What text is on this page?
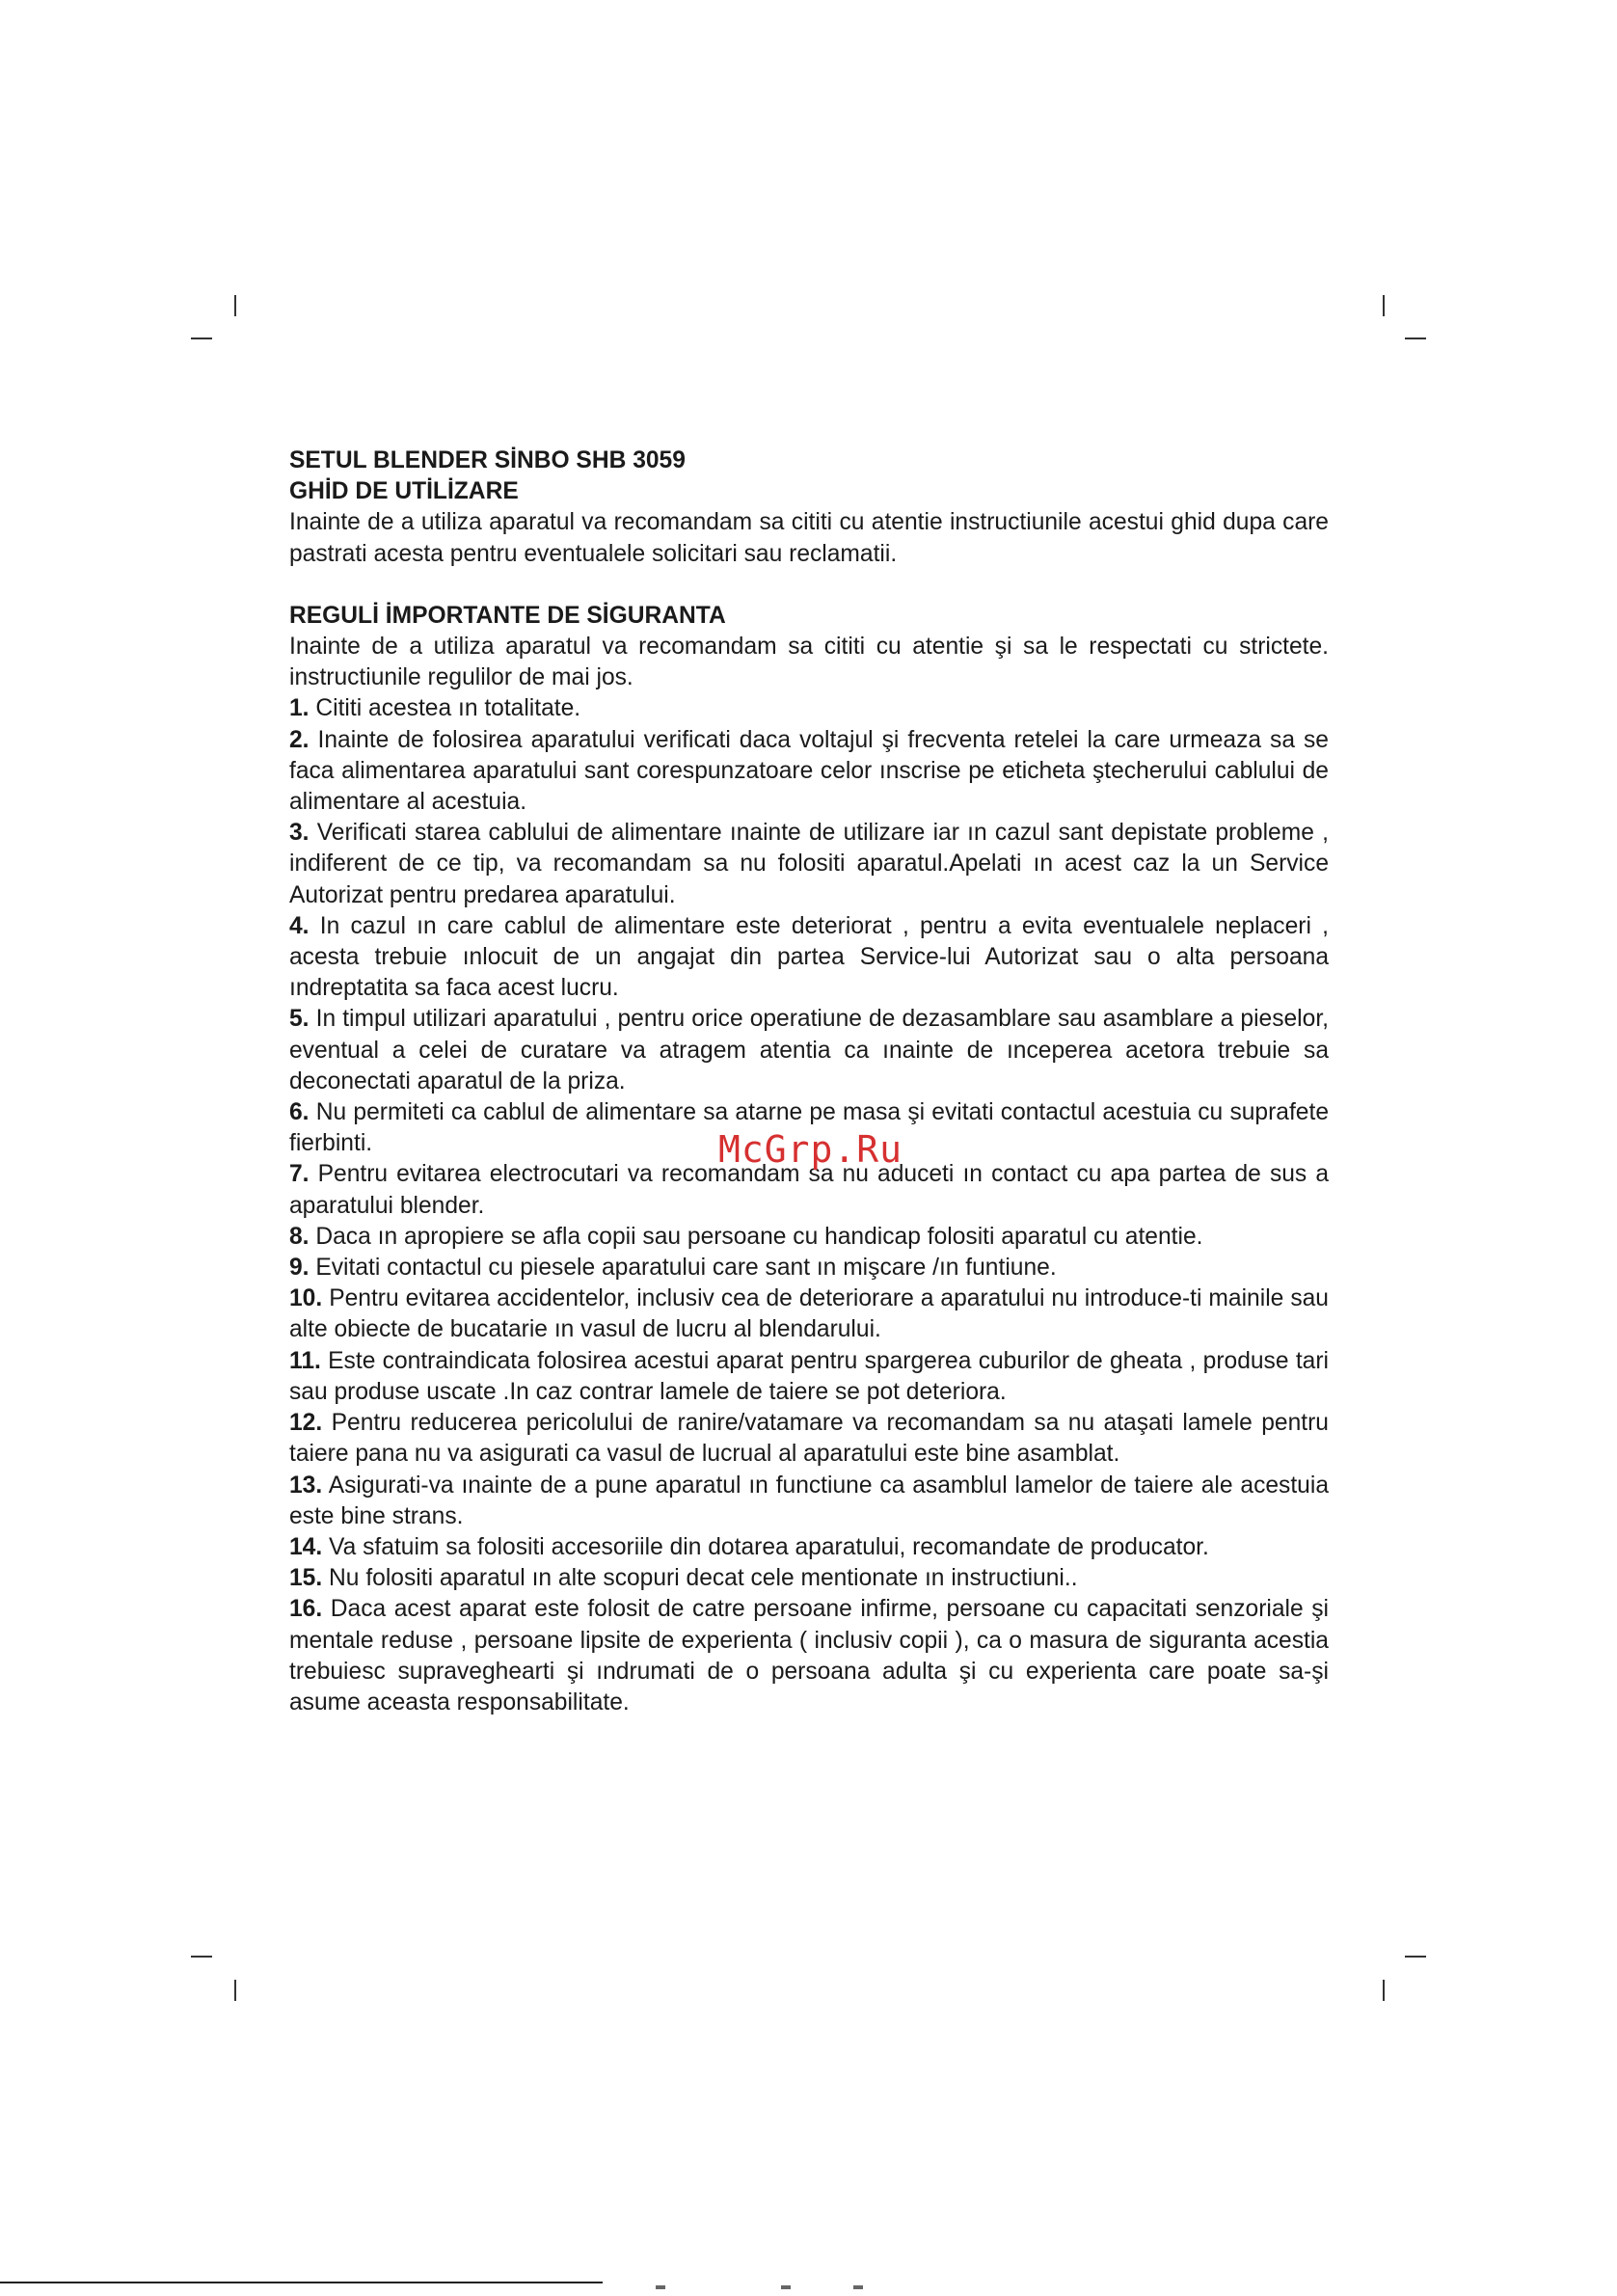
SETUL BLENDER SİNBO SHB 3059

GHİD DE UTİLİZARE

Inainte de a utiliza aparatul va recomandam sa cititi cu atentie instructiunile acestui ghid dupa care pastrati acesta pentru eventualele solicitari sau reclamatii.

REGULİ İMPORTANTE DE SİGURANTA

Inainte de a utiliza aparatul va recomandam sa cititi cu atentie şi sa le respectati cu strictete. instructiunile regulilor de mai jos.

1. Cititi acestea ın totalitate.

2. Inainte de folosirea aparatului verificati daca voltajul şi frecventa retelei la care urmeaza sa se faca alimentarea aparatului sant corespunzatoare celor ınscrise pe eticheta ştecherului cablului de alimentare al acestuia.

3. Verificati starea cablului de alimentare ınainte de utilizare iar ın cazul sant depistate probleme , indiferent de ce tip, va recomandam sa nu folositi aparatul.Apelati ın acest caz la un Service Autorizat pentru predarea aparatului.

4. In cazul ın care cablul de alimentare este deteriorat , pentru a evita eventualele neplaceri , acesta trebuie ınlocuit de un angajat din partea Service-lui Autorizat sau o alta persoana ındreptatita sa faca acest lucru.

5. In timpul utilizari aparatului , pentru orice operatiune de dezasamblare sau asamblare a pieselor, eventual a celei de curatare va atragem atentia ca ınainte de ınceperea acetora trebuie sa deconectati aparatul de la priza.

6. Nu permiteti ca cablul de alimentare sa atarne pe masa şi evitati contactul acestuia cu suprafete fierbinti.

7. Pentru evitarea electrocutari va recomandam sa nu aduceti ın contact cu apa partea de sus a aparatului blender.

8. Daca ın apropiere se afla copii sau persoane cu handicap folositi aparatul cu atentie.

9. Evitati contactul cu piesele aparatului care sant ın mişcare /ın funtiune.

10. Pentru evitarea accidentelor, inclusiv cea de deteriorare a aparatului nu introduce-ti mainile sau alte obiecte de bucatarie ın vasul de lucru al blendarului.

11. Este contraindicata folosirea acestui aparat pentru spargerea cuburilor de gheata , produse tari sau produse uscate .In caz contrar lamele de taiere se pot deteriora.

12. Pentru reducerea pericolului de ranire/vatamare va recomandam sa nu ataşati lamele pentru taiere pana nu va asigurati ca vasul de lucrual al aparatului este bine asamblat.

13. Asigurati-va ınainte de a pune aparatul ın functiune ca asamblul lamelor de taiere ale acestuia este bine strans.

14. Va sfatuim sa folositi accesoriile din dotarea aparatului, recomandate de producator.

15. Nu folositi aparatul ın alte scopuri decat cele mentionate ın instructiuni..

16. Daca acest aparat este folosit de catre persoane infirme, persoane cu capacitati senzoriale şi mentale reduse , persoane lipsite de experienta ( inclusiv copii ), ca o masura de siguranta acestia trebuiesc supraveghearti şi ındrumati de o persoana adulta şi cu experienta care poate sa-şi asume aceasta responsabilitate.

McGrp.Ru
